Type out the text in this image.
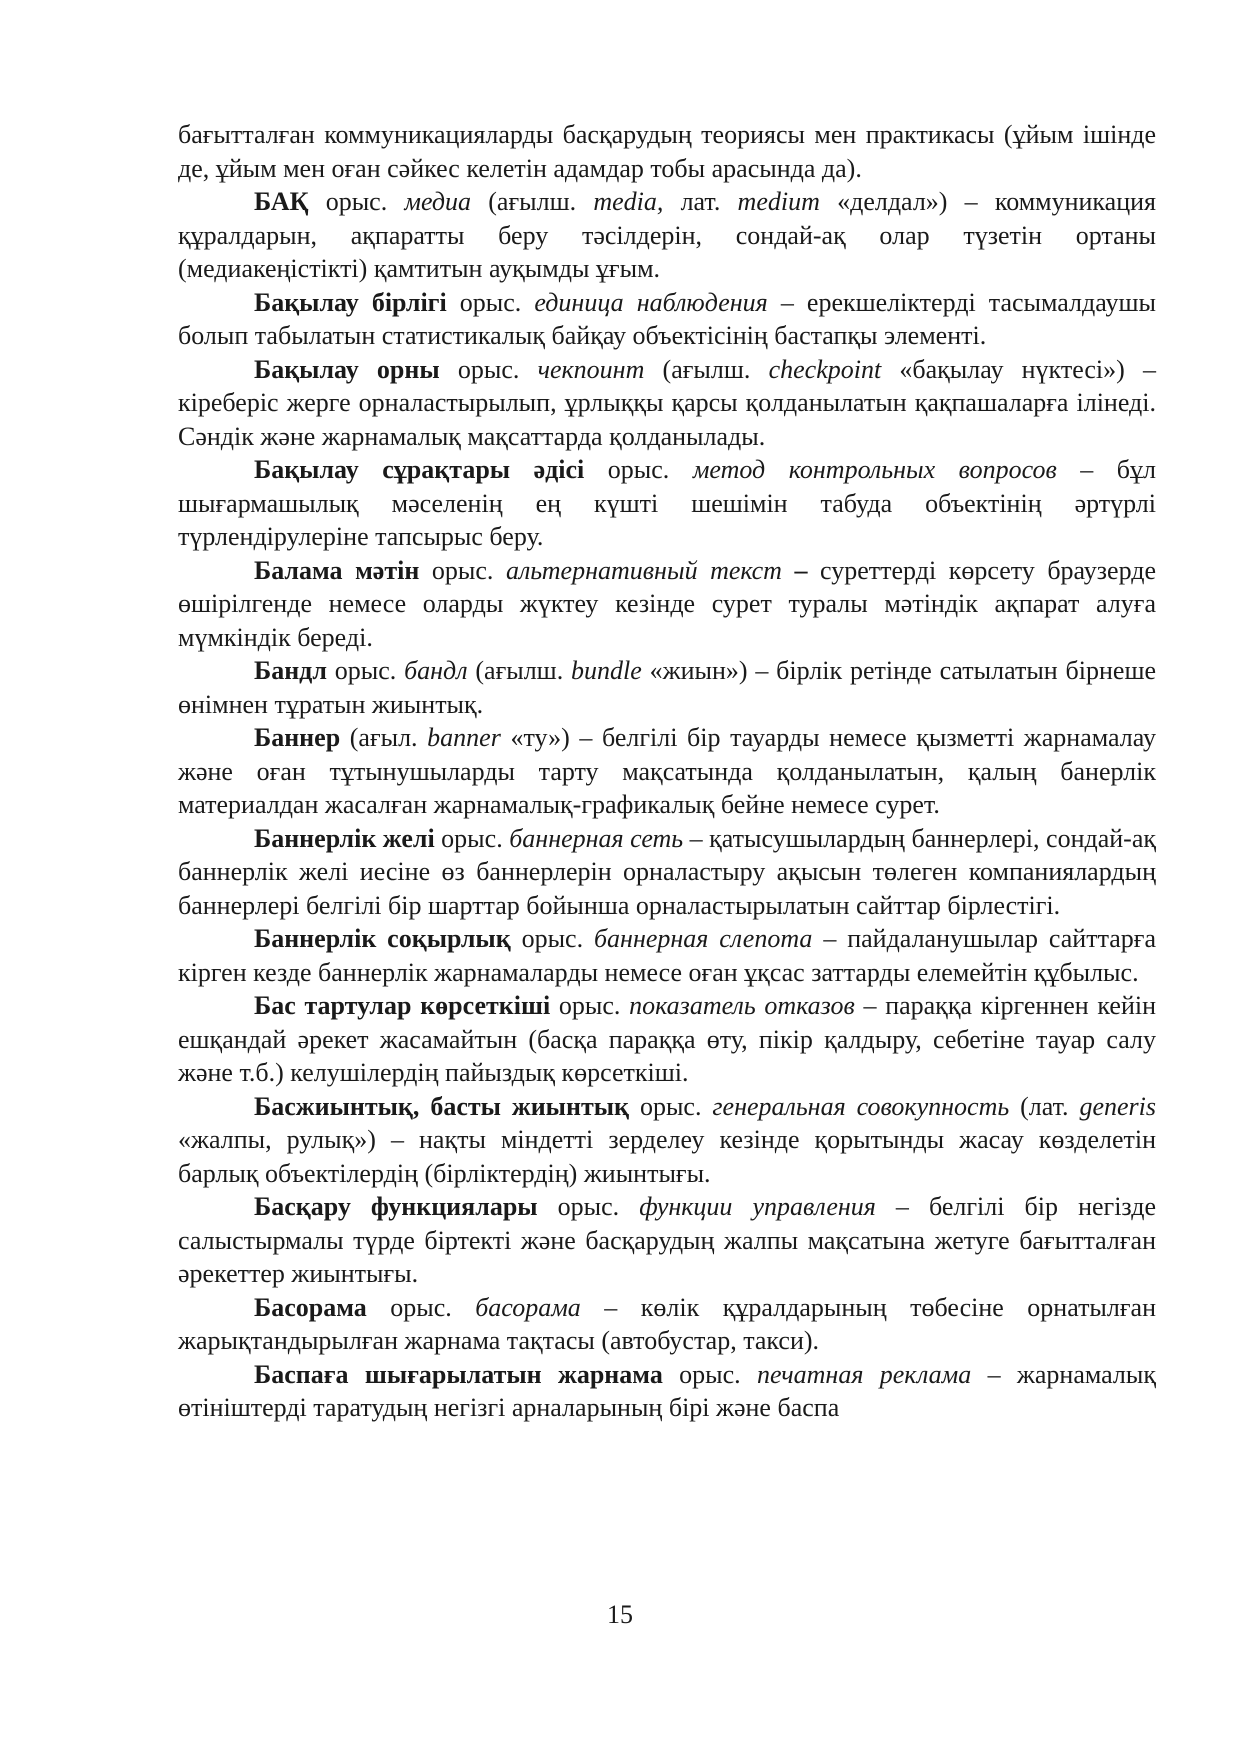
бағытталған коммуникацияларды басқарудың теориясы мен практикасы (ұйым ішінде де, ұйым мен оған сәйкес келетін адамдар тобы арасында да).

БАҚ орыс. медиа (ағылш. media, лат. medium «делдал») – коммуникация құралдарын, ақпаратты беру тәсілдерін, сондай-ақ олар түзетін ортаны (медиакеңістікті) қамтитын ауқымды ұғым.

Бақылау бірлігі орыс. единица наблюдения – ерекшеліктерді тасымалдаушы болып табылатын статистикалық байқау объектісінің бастапқы элементі.

Бақылау орны орыс. чекпоинт (ағылш. checkpoint «бақылау нүктесі») – кіреберіс жерге орналастырылып, ұрлыққы қарсы қолданылатын қақпашаларға ілінеді. Сәндік және жарнамалық мақсаттарда қолданылады.

Бақылау сұрақтары әдісі орыс. метод контрольных вопросов – бұл шығармашылық мәселенің ең күшті шешімін табуда объектінің әртүрлі түрлендірулеріне тапсырыс беру.

Балама мәтін орыс. альтернативный текст – суреттерді көрсету браузерде өшірілгенде немесе оларды жүктеу кезінде сурет туралы мәтіндік ақпарат алуға мүмкіндік береді.

Бандл орыс. бандл (ағылш. bundle «жиын») – бірлік ретінде сатылатын бірнеше өнімнен тұратын жиынтық.

Баннер (ағыл. banner «ту») – белгілі бір тауарды немесе қызметті жарнамалау және оған тұтынушыларды тарту мақсатында қолданылатын, қалың банерлік материалдан жасалған жарнамалық-графикалық бейне немесе сурет.

Баннерлік желі орыс. баннерная сеть – қатысушылардың баннерлері, сондай-ақ баннерлік желі иесіне өз баннерлерін орналастыру ақысын төлеген компаниялардың баннерлері белгілі бір шарттар бойынша орналастырылатын сайттар бірлестігі.

Баннерлік соқырлық орыс. баннерная слепота – пайдаланушылар сайттарға кірген кезде баннерлік жарнамаларды немесе оған ұқсас заттарды елемейтін құбылыс.

Бас тартулар көрсеткіші орыс. показатель отказов – параққа кіргеннен кейін ешқандай әрекет жасамайтын (басқа параққа өту, пікір қалдыру, себетіне тауар салу және т.б.) келушілердің пайыздық көрсеткіші.

Басжиынтық, басты жиынтық орыс. генеральная совокупность (лат. generis «жалпы, рулық») – нақты міндетті зерделеу кезінде қорытынды жасау көзделетін барлық объектілердің (бірліктердің) жиынтығы.

Басқару функциялары орыс. функции управления – белгілі бір негізде салыстырмалы түрде біртекті және басқарудың жалпы мақсатына жетуге бағытталған әрекеттер жиынтығы.

Басорама орыс. басорама – көлік құралдарының төбесіне орнатылған жарықтандырылған жарнама тақтасы (автобустар, такси).

Баспаға шығарылатын жарнама орыс. печатная реклама – жарнамалық өтініштерді таратудың негізгі арналарының бірі және баспа

15
